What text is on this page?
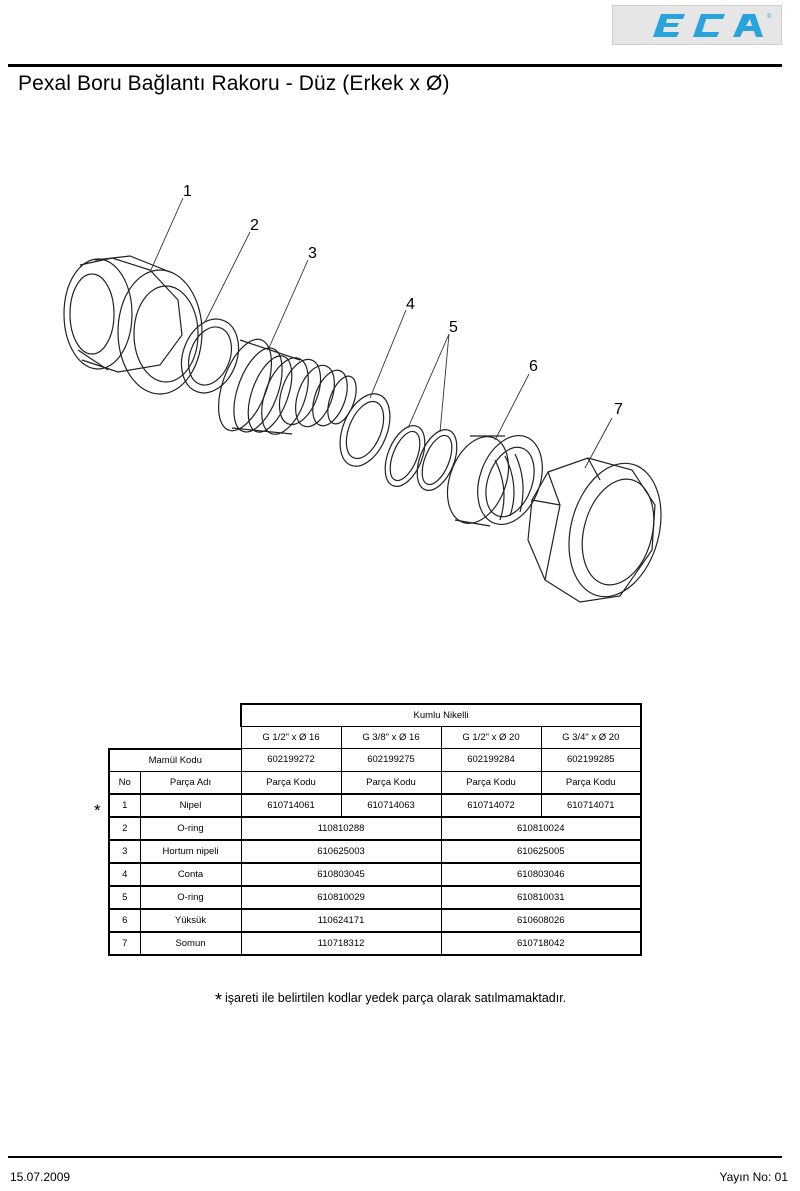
®
Pexal Boru Bağlantı Rakoru - Düz (Erkek x Ø)
1
2
3
4
5
6
7
*
		Kumlu Nikelli			
		G 1/2" x Ø 16	G 3/8" x Ø 16	G 1/2" x Ø 20	G 3/4" x Ø 20
Mamül Kodu		602199272	602199275	602199284	602199285
No	Parça Adı	Parça Kodu	Parça Kodu	Parça Kodu	Parça Kodu
1	Nipel	610714061	610714063	610714072	610714071
2	O-ring	110810288		610810024	
3	Hortum nipeli	610625003		610625005	
4	Conta	610803045		610803046	
5	O-ring	610810029		610810031	
6	Yüksük	110624171		610608026	
7	Somun	110718312		610718042	
* işareti ile belirtilen kodlar yedek parça olarak satılmamaktadır.
15.07.2009	Yayın No: 01
